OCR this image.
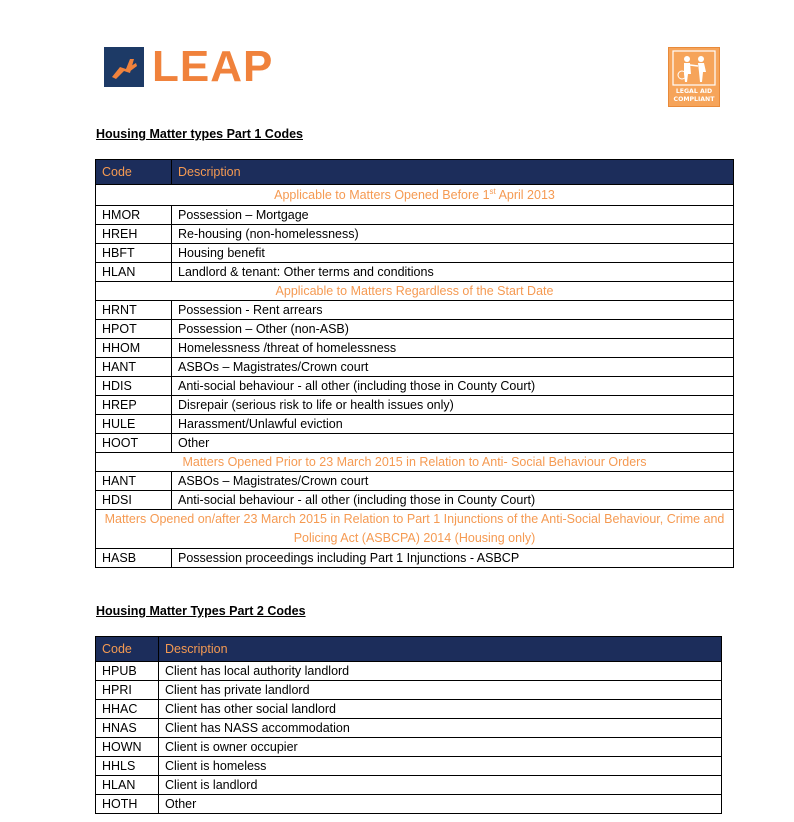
LEAP
LEGAL AID
COMPLIANT
Housing Matter types Part 1 Codes
Code	Description
Applicable to Matters Opened Before 1st April 2013	
HMOR	Possession – Mortgage
HREH	Re-housing (non-homelessness)
HBFT	Housing benefit
HLAN	Landlord & tenant: Other terms and conditions
Applicable to Matters Regardless of the Start Date	
HRNT	Possession - Rent arrears
HPOT	Possession – Other (non-ASB)
HHOM	Homelessness /threat of homelessness
HANT	ASBOs – Magistrates/Crown court
HDIS	Anti-social behaviour - all other (including those in County Court)
HREP	Disrepair (serious risk to life or health issues only)
HULE	Harassment/Unlawful eviction
HOOT	Other
Matters Opened Prior to 23 March 2015 in Relation to Anti- Social Behaviour Orders	
HANT	ASBOs – Magistrates/Crown court
HDSI	Anti-social behaviour - all other (including those in County Court)
Matters Opened on/after 23 March 2015 in Relation to Part 1 Injunctions of the Anti-Social Behaviour, Crime and Policing Act (ASBCPA) 2014 (Housing only)	
HASB	Possession proceedings including Part 1 Injunctions - ASBCP
Housing Matter Types Part 2 Codes
Code	Description
HPUB	Client has local authority landlord
HPRI	Client has private landlord
HHAC	Client has other social landlord
HNAS	Client has NASS accommodation
HOWN	Client is owner occupier
HHLS	Client is homeless
HLAN	Client is landlord
HOTH	Other
